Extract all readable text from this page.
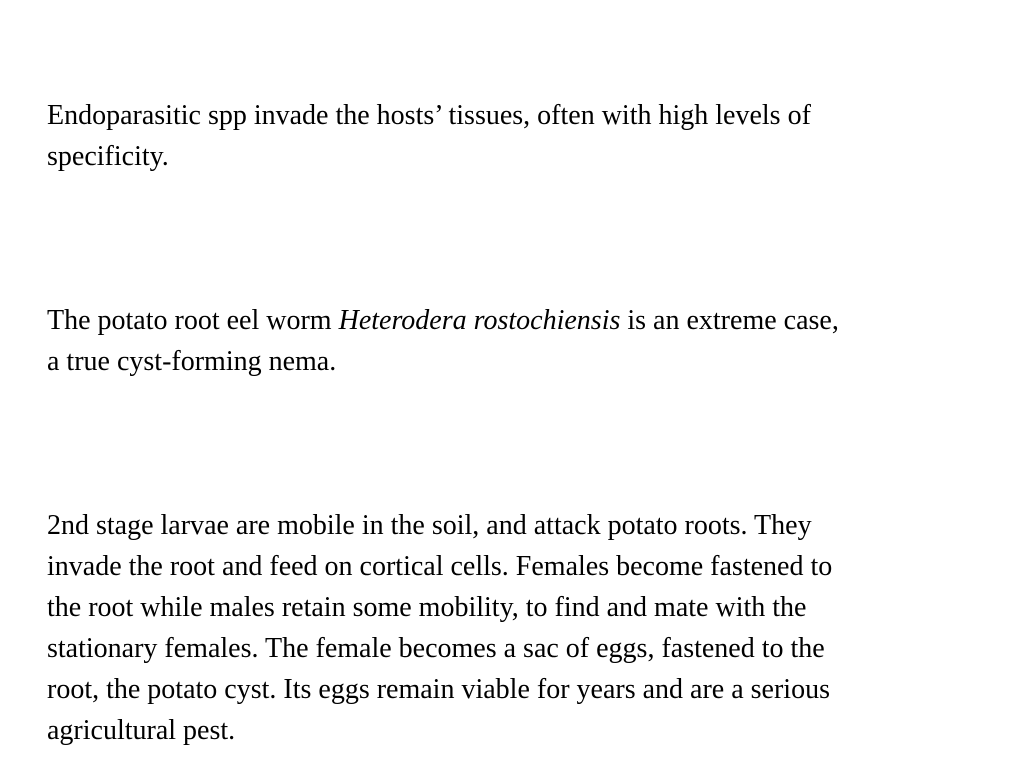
Endoparasitic spp invade the hosts’ tissues, often with high levels of
specificity.

The potato root eel worm Heterodera rostochiensis is an extreme case,
a true cyst-forming nema.

2nd stage larvae are mobile in the soil, and attack potato roots. They
invade the root and feed on cortical cells. Females become fastened to
the root while males retain some mobility, to find and mate with the
stationary females. The female becomes a sac of eggs, fastened to the
root, the potato cyst. Its eggs remain viable for years and are a serious
agricultural pest.
